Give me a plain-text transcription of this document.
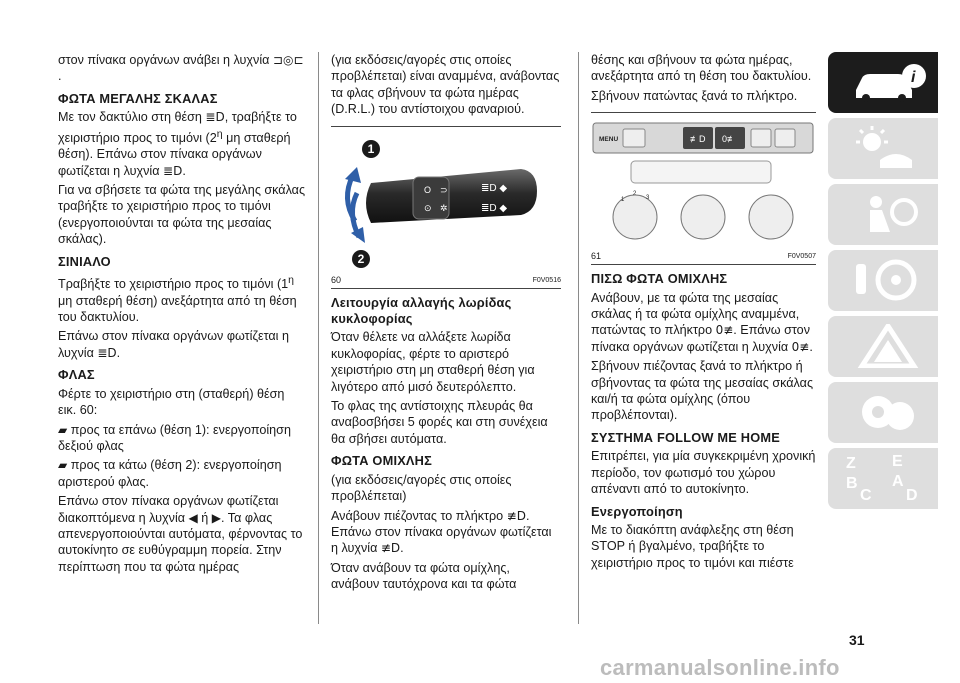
στον πίνακα οργάνων ανάβει η λυχνία ⊐◎⊏.

ΦΩΤΑ ΜΕΓΑΛΗΣ ΣΚΑΛΑΣ

Με τον δακτύλιο στη θέση ≣D, τραβήξτε το χειριστήριο προς το τιμόνι ($2^\eta$ μη σταθερή θέση). Επάνω στον πίνακα οργάνων φωτίζεται η λυχνία ≣D.

Για να σβήσετε τα φώτα της μεγάλης σκάλας τραβήξτε το χειριστήριο προς το τιμόνι (ενεργοποιούνται τα φώτα της μεσαίας σκάλας).

ΣΙΝΙΑΛΟ

Τραβήξτε το χειριστήριο προς το τιμόνι ($1^\eta$ μη σταθερή θέση) ανεξάρτητα από τη θέση του δακτυλίου.

Επάνω στον πίνακα οργάνων φωτίζεται η λυχνία ≣D.

ΦΛΑΣ

Φέρτε το χειριστήριο στη (σταθερή) θέση εικ. 60:

▰ προς τα επάνω (θέση 1): ενεργοποίηση δεξιού φλας

▰ προς τα κάτω (θέση 2): ενεργοποίηση αριστερού φλας.

Επάνω στον πίνακα οργάνων φωτίζεται διακοπτόμενα η λυχνία ◀ ή ▶. Τα φλας απενεργοποιούνται αυτόματα, φέρνοντας το αυτοκίνητο σε ευθύγραμμη πορεία. Στην περίπτωση που τα φώτα ημέρας

(για εκδόσεις/αγορές στις οποίες προβλέπεται) είναι αναμμένα, ανάβοντας τα φλας σβήνουν τα φώτα ημέρας (D.R.L.) του αντίστοιχου φαναριού.

O ⊃
⊙ ✲
≣D ◆
≣D ◆
1
2
60	F0V0516
Λειτουργία αλλαγής λωρίδας κυκλοφορίας

Όταν θέλετε να αλλάξετε λωρίδα κυκλοφορίας, φέρτε το αριστερό χειριστήριο στη μη σταθερή θέση για λιγότερο από μισό δευτερόλεπτο.

Το φλας της αντίστοιχης πλευράς θα αναβοσβήσει 5 φορές και στη συνέχεια θα σβήσει αυτόματα.

ΦΩΤΑ ΟΜΙΧΛΗΣ

(για εκδόσεις/αγορές στις οποίες προβλέπεται)

Ανάβουν πιέζοντας το πλήκτρο ≢D. Επάνω στον πίνακα οργάνων φωτίζεται η λυχνία ≢D.

Όταν ανάβουν τα φώτα ομίχλης, ανάβουν ταυτόχρονα και τα φώτα

θέσης και σβήνουν τα φώτα ημέρας, ανεξάρτητα από τη θέση του δακτυλίου.

Σβήνουν πατώντας ξανά το πλήκτρο.

MENU	≢D 0≢
1
2
3
61	F0V0507
ΠΙΣΩ ΦΩΤΑ ΟΜΙΧΛΗΣ

Ανάβουν, με τα φώτα της μεσαίας σκάλας ή τα φώτα ομίχλης αναμμένα, πατώντας το πλήκτρο 0≢. Επάνω στον πίνακα οργάνων φωτίζεται η λυχνία 0≢.

Σβήνουν πιέζοντας ξανά το πλήκτρο ή σβήνοντας τα φώτα της μεσαίας σκάλας και/ή τα φώτα ομίχλης (όπου προβλέπονται).

ΣΥΣΤΗΜΑ FOLLOW ME HOME

Επιτρέπει, για μία συγκεκριμένη χρονική περίοδο, τον φωτισμό του χώρου απέναντι από το αυτοκίνητο.

Ενεργοποίηση

Με το διακόπτη ανάφλεξης στη θέση STOP ή βγαλμένο, τραβήξτε το χειριστήριο προς το τιμόνι και πιέστε

i
Z E
B A
C D
31
carmanualsonline.info
